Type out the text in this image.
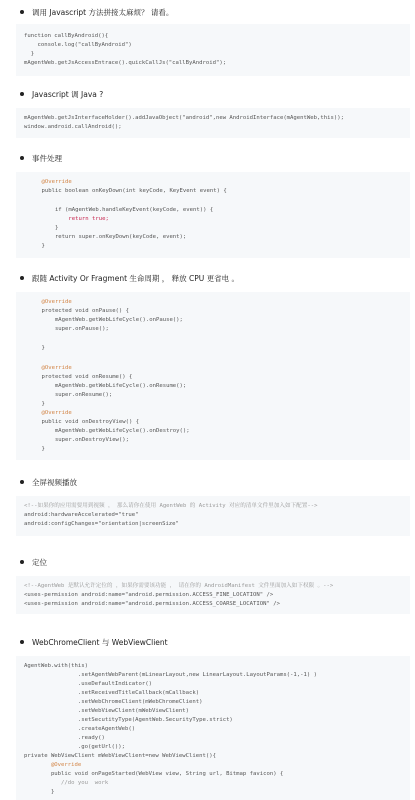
调用 Javascript 方法拼接太麻烦？ 请看。
function callByAndroid(){
console.log("callByAndroid")
}
mAgentWeb.getJsAccessEntrace().quickCallJs("callByAndroid");
Javascript 调 Java ?
mAgentWeb.getJsInterfaceHolder().addJavaObject("android",new AndroidInterface(mAgentWeb,this));
window.android.callAndroid();
事件处理
@Override
public boolean onKeyDown(int keyCode, KeyEvent event) {
if (mAgentWeb.handleKeyEvent(keyCode, event)) {
return true;
}
return super.onKeyDown(keyCode, event);
}
跟随 Activity Or Fragment 生命周期 ， 释放 CPU 更省电 。
@Override
protected void onPause() {
mAgentWeb.getWebLifeCycle().onPause();
super.onPause();
}
@Override
protected void onResume() {
mAgentWeb.getWebLifeCycle().onResume();
super.onResume();
}
@Override
public void onDestroyView() {
mAgentWeb.getWebLifeCycle().onDestroy();
super.onDestroyView();
}
全屏视频播放
<!--如果你的应用需要用到视频 ， 那么请你在使用 AgentWeb 的 Activity 对应的清单文件里加入如下配置-->
android:hardwareAccelerated="true"
android:configChanges="orientation|screenSize"
定位
<!--AgentWeb 是默认允许定位的 ，如果你需要该功能 ， 请在你的 AndroidManifest 文件里面加入如下权限 。-->
<uses-permission android:name="android.permission.ACCESS_FINE_LOCATION" />
<uses-permission android:name="android.permission.ACCESS_COARSE_LOCATION" />
WebChromeClient 与 WebViewClient
AgentWeb.with(this)
.setAgentWebParent(mLinearLayout,new LinearLayout.LayoutParams(-1,-1) )
.useDefaultIndicator()
.setReceivedTitleCallback(mCallback)
.setWebChromeClient(mWebChromeClient)
.setWebViewClient(mWebViewClient)
.setSecutityType(AgentWeb.SecurityType.strict)
.createAgentWeb()
.ready()
.go(getUrl());
private WebViewClient mWebViewClient=new WebViewClient(){
@Override
public void onPageStarted(WebView view, String url, Bitmap favicon) {
//do you  work
}
